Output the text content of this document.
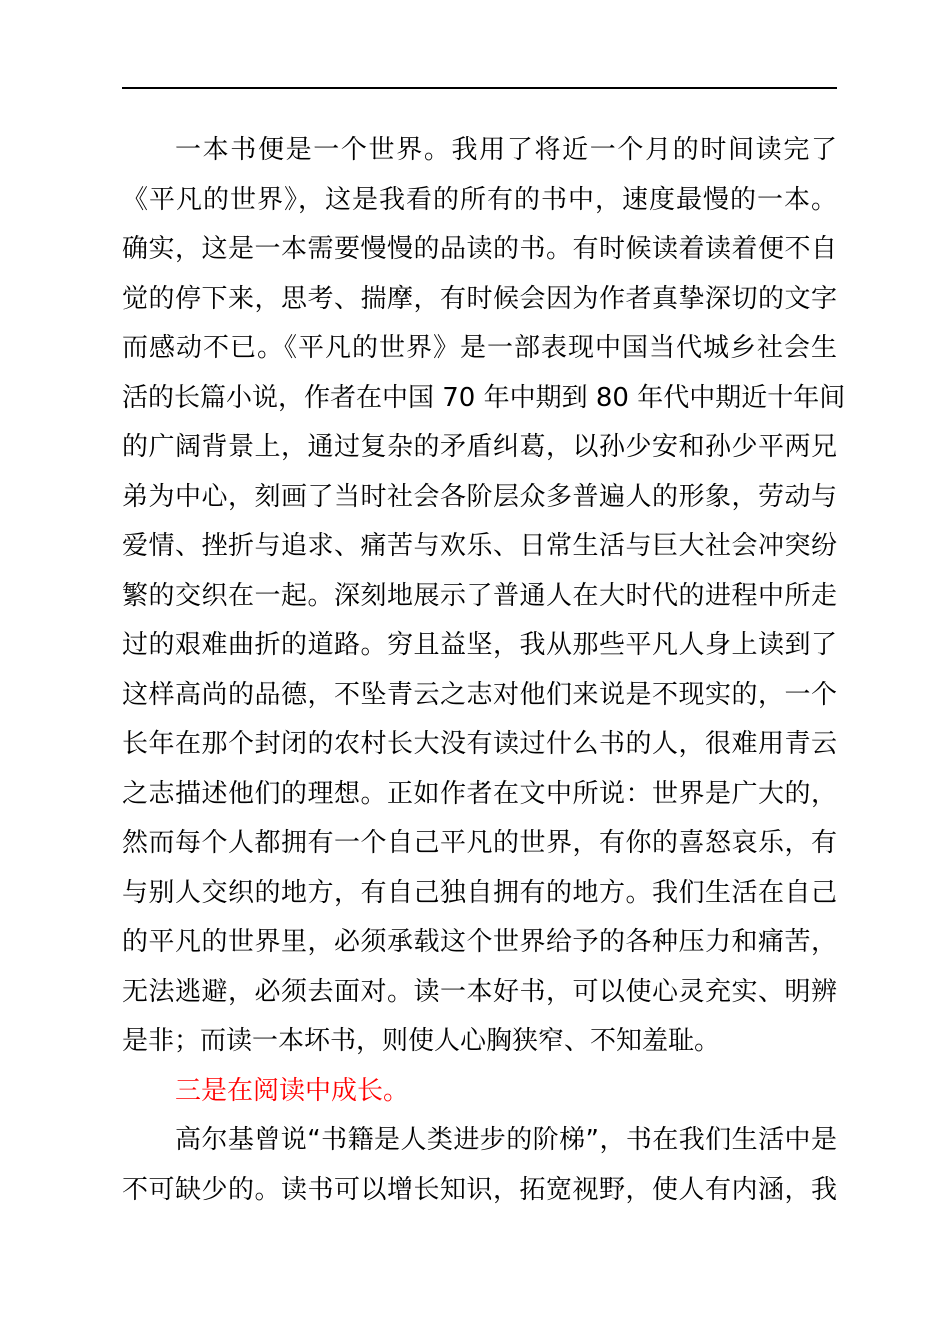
一本书便是一个世界。我用了将近一个月的时间读完了
《平凡的世界》，这是我看的所有的书中，速度最慢的一本。
确实，这是一本需要慢慢的品读的书。有时候读着读着便不自
觉的停下来，思考、揣摩，有时候会因为作者真挚深切的文字
而感动不已。《平凡的世界》是一部表现中国当代城乡社会生
活的长篇小说，作者在中国 70 年中期到 80 年代中期近十年间
的广阔背景上，通过复杂的矛盾纠葛，以孙少安和孙少平两兄
弟为中心，刻画了当时社会各阶层众多普遍人的形象，劳动与
爱情、挫折与追求、痛苦与欢乐、日常生活与巨大社会冲突纷
繁的交织在一起。深刻地展示了普通人在大时代的进程中所走
过的艰难曲折的道路。穷且益坚，我从那些平凡人身上读到了
这样高尚的品德，不坠青云之志对他们来说是不现实的，一个
长年在那个封闭的农村长大没有读过什么书的人，很难用青云
之志描述他们的理想。正如作者在文中所说：世界是广大的，
然而每个人都拥有一个自己平凡的世界，有你的喜怒哀乐，有
与别人交织的地方，有自己独自拥有的地方。我们生活在自己
的平凡的世界里，必须承载这个世界给予的各种压力和痛苦，
无法逃避，必须去面对。读一本好书，可以使心灵充实、明辨
是非；而读一本坏书，则使人心胸狭窄、不知羞耻。
三是在阅读中成长。
高尔基曾说“书籍是人类进步的阶梯”，书在我们生活中是
不可缺少的。读书可以增长知识，拓宽视野，使人有内涵，我
